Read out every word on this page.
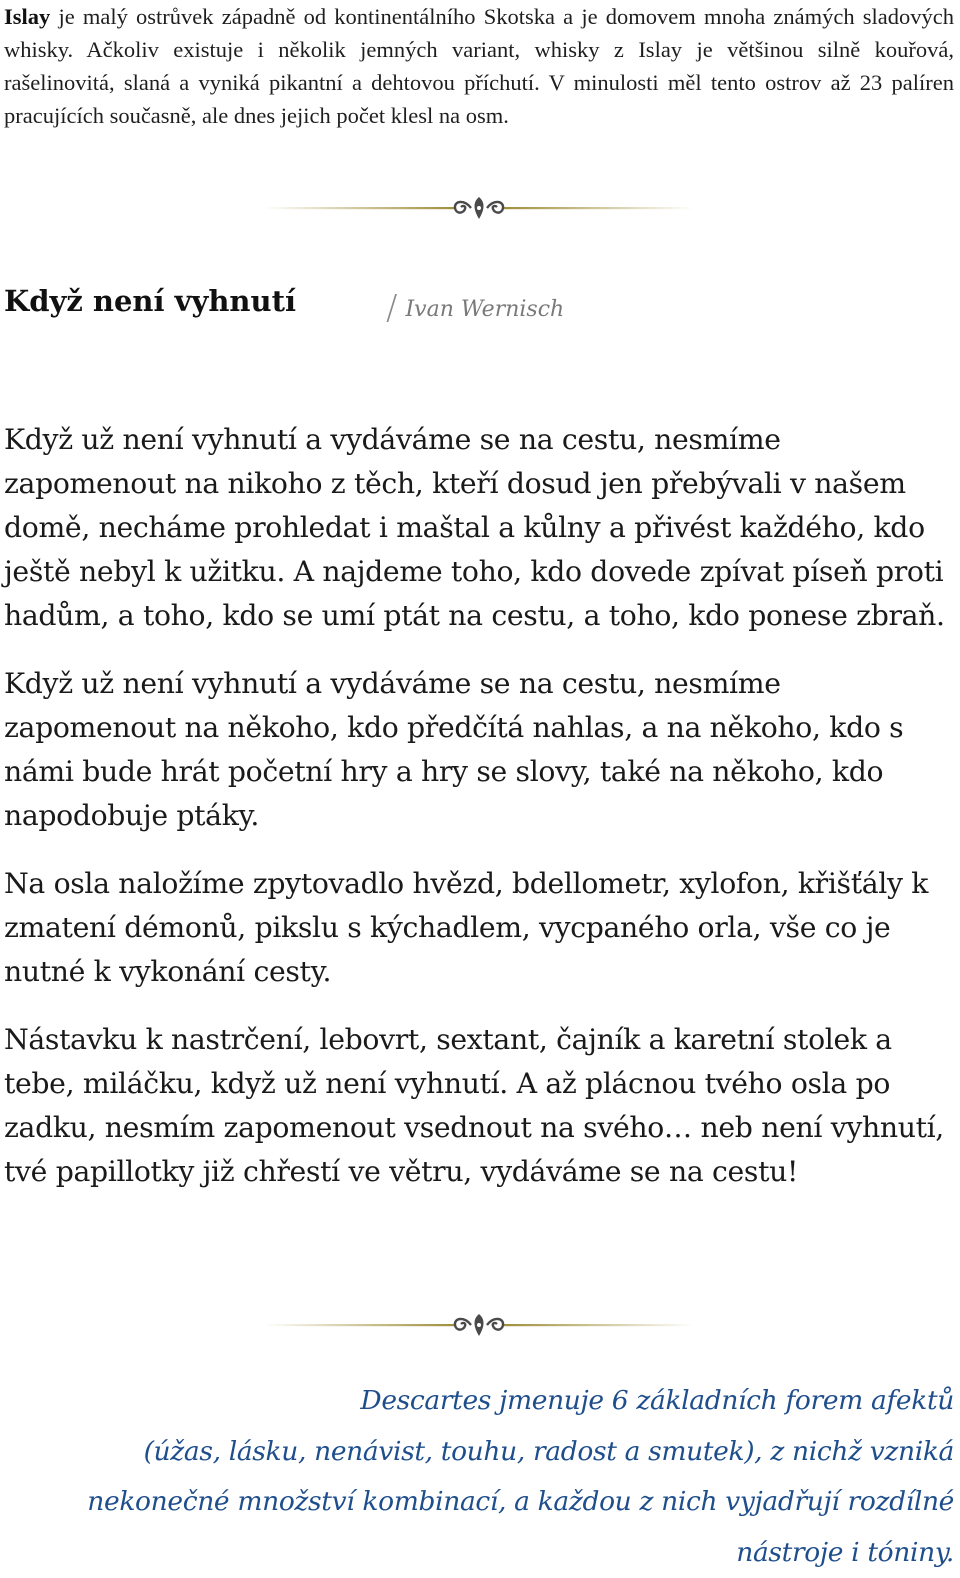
Islay je malý ostrůvek západně od kontinentálního Skotska a je domovem mnoha známých sladových whisky. Ačkoliv existuje i několik jemných variant, whisky z Islay je většinou silně kouřová, rašelinovitá, slaná a vyniká pikantní a dehtovou příchutí. V minulosti měl tento ostrov až 23 palíren pracujících současně, ale dnes jejich počet klesl na osm.

Když není vyhnutí	/ Ivan Wernisch

Když už není vyhnutí a vydáváme se na cestu, nesmíme zapomenout na nikoho z těch, kteří dosud jen přebývali v našem domě, necháme prohledat i maštal a kůlny a přivést každého, kdo ještě nebyl k užitku. A najdeme toho, kdo dovede zpívat píseň proti hadům, a toho, kdo se umí ptát na cestu, a toho, kdo ponese zbraň.

Když už není vyhnutí a vydáváme se na cestu, nesmíme zapomenout na někoho, kdo předčítá nahlas, a na někoho, kdo s námi bude hrát početní hry a hry se slovy, také na někoho, kdo napodobuje ptáky.

Na osla naložíme zpytovadlo hvězd, bdellometr, xylofon, křišťály k zmatení démonů, pikslu s kýchadlem, vycpaného orla, vše co je nutné k vykonání cesty.

Nástavku k nastrčení, lebovrt, sextant, čajník a karetní stolek a tebe, miláčku, když už není vyhnutí. A až plácnou tvého osla po zadku, nesmím zapomenout vsednout na svého… neb není vyhnutí, tvé papillotky již chřestí ve větru, vydáváme se na cestu!

Descartes jmenuje 6 základních forem afektů
(úžas, lásku, nenávist, touhu, radost a smutek), z nichž vzniká
nekonečné množství kombinací, a každou z nich vyjadřují rozdílné
nástroje i tóniny.
